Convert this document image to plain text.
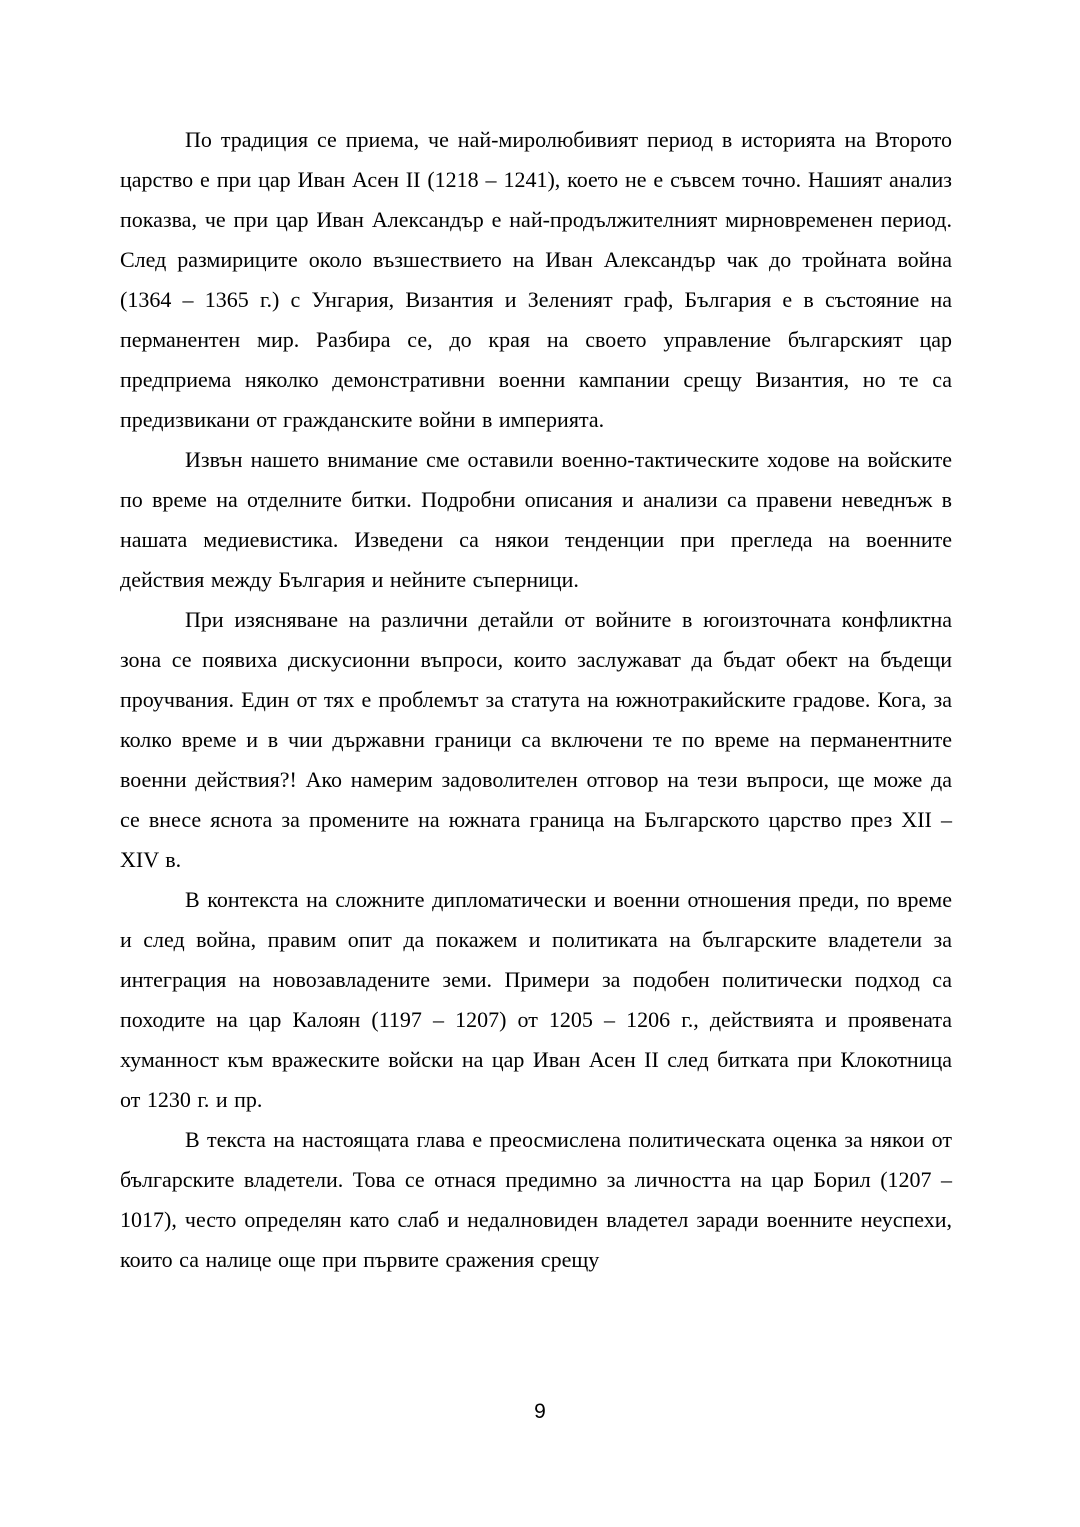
По традиция се приема, че най-миролюбивият период в историята на Второто царство е при цар Иван Асен II (1218 – 1241), което не е съвсем точно. Нашият анализ показва, че при цар Иван Александър е най-продължителният мирновременен период. След размириците около възшествието на Иван Александър чак до тройната война (1364 – 1365 г.) с Унгария, Византия и Зеленият граф, България е в състояние на перманентен мир. Разбира се, до края на своето управление българският цар предприема няколко демонстративни военни кампании срещу Византия, но те са предизвикани от гражданските войни в империята.

Извън нашето внимание сме оставили военно-тактическите ходове на войските по време на отделните битки. Подробни описания и анализи са правени неведнъж в нашата медиевистика. Изведени са някои тенденции при прегледа на военните действия между България и нейните съперници.

При изясняване на различни детайли от войните в югоизточната конфликтна зона се появиха дискусионни въпроси, които заслужават да бъдат обект на бъдещи проучвания. Един от тях е проблемът за статута на южнотракийските градове. Кога, за колко време и в чии държавни граници са включени те по време на перманентните военни действия?! Ако намерим задоволителен отговор на тези въпроси, ще може да се внесе яснота за промените на южната граница на Българското царство през XII – XIV в.

В контекста на сложните дипломатически и военни отношения преди, по време и след война, правим опит да покажем и политиката на българските владетели за интеграция на новозавладените земи. Примери за подобен политически подход са походите на цар Калоян (1197 – 1207) от 1205 – 1206 г., действията и проявената хуманност към вражеските войски на цар Иван Асен II след битката при Клокотница от 1230 г. и пр.

В текста на настоящата глава е преосмислена политическата оценка за някои от българските владетели. Това се отнася предимно за личността на цар Борил (1207 – 1017), често определян като слаб и недалновиден владетел заради военните неуспехи, които са налице още при първите сражения срещу

9
